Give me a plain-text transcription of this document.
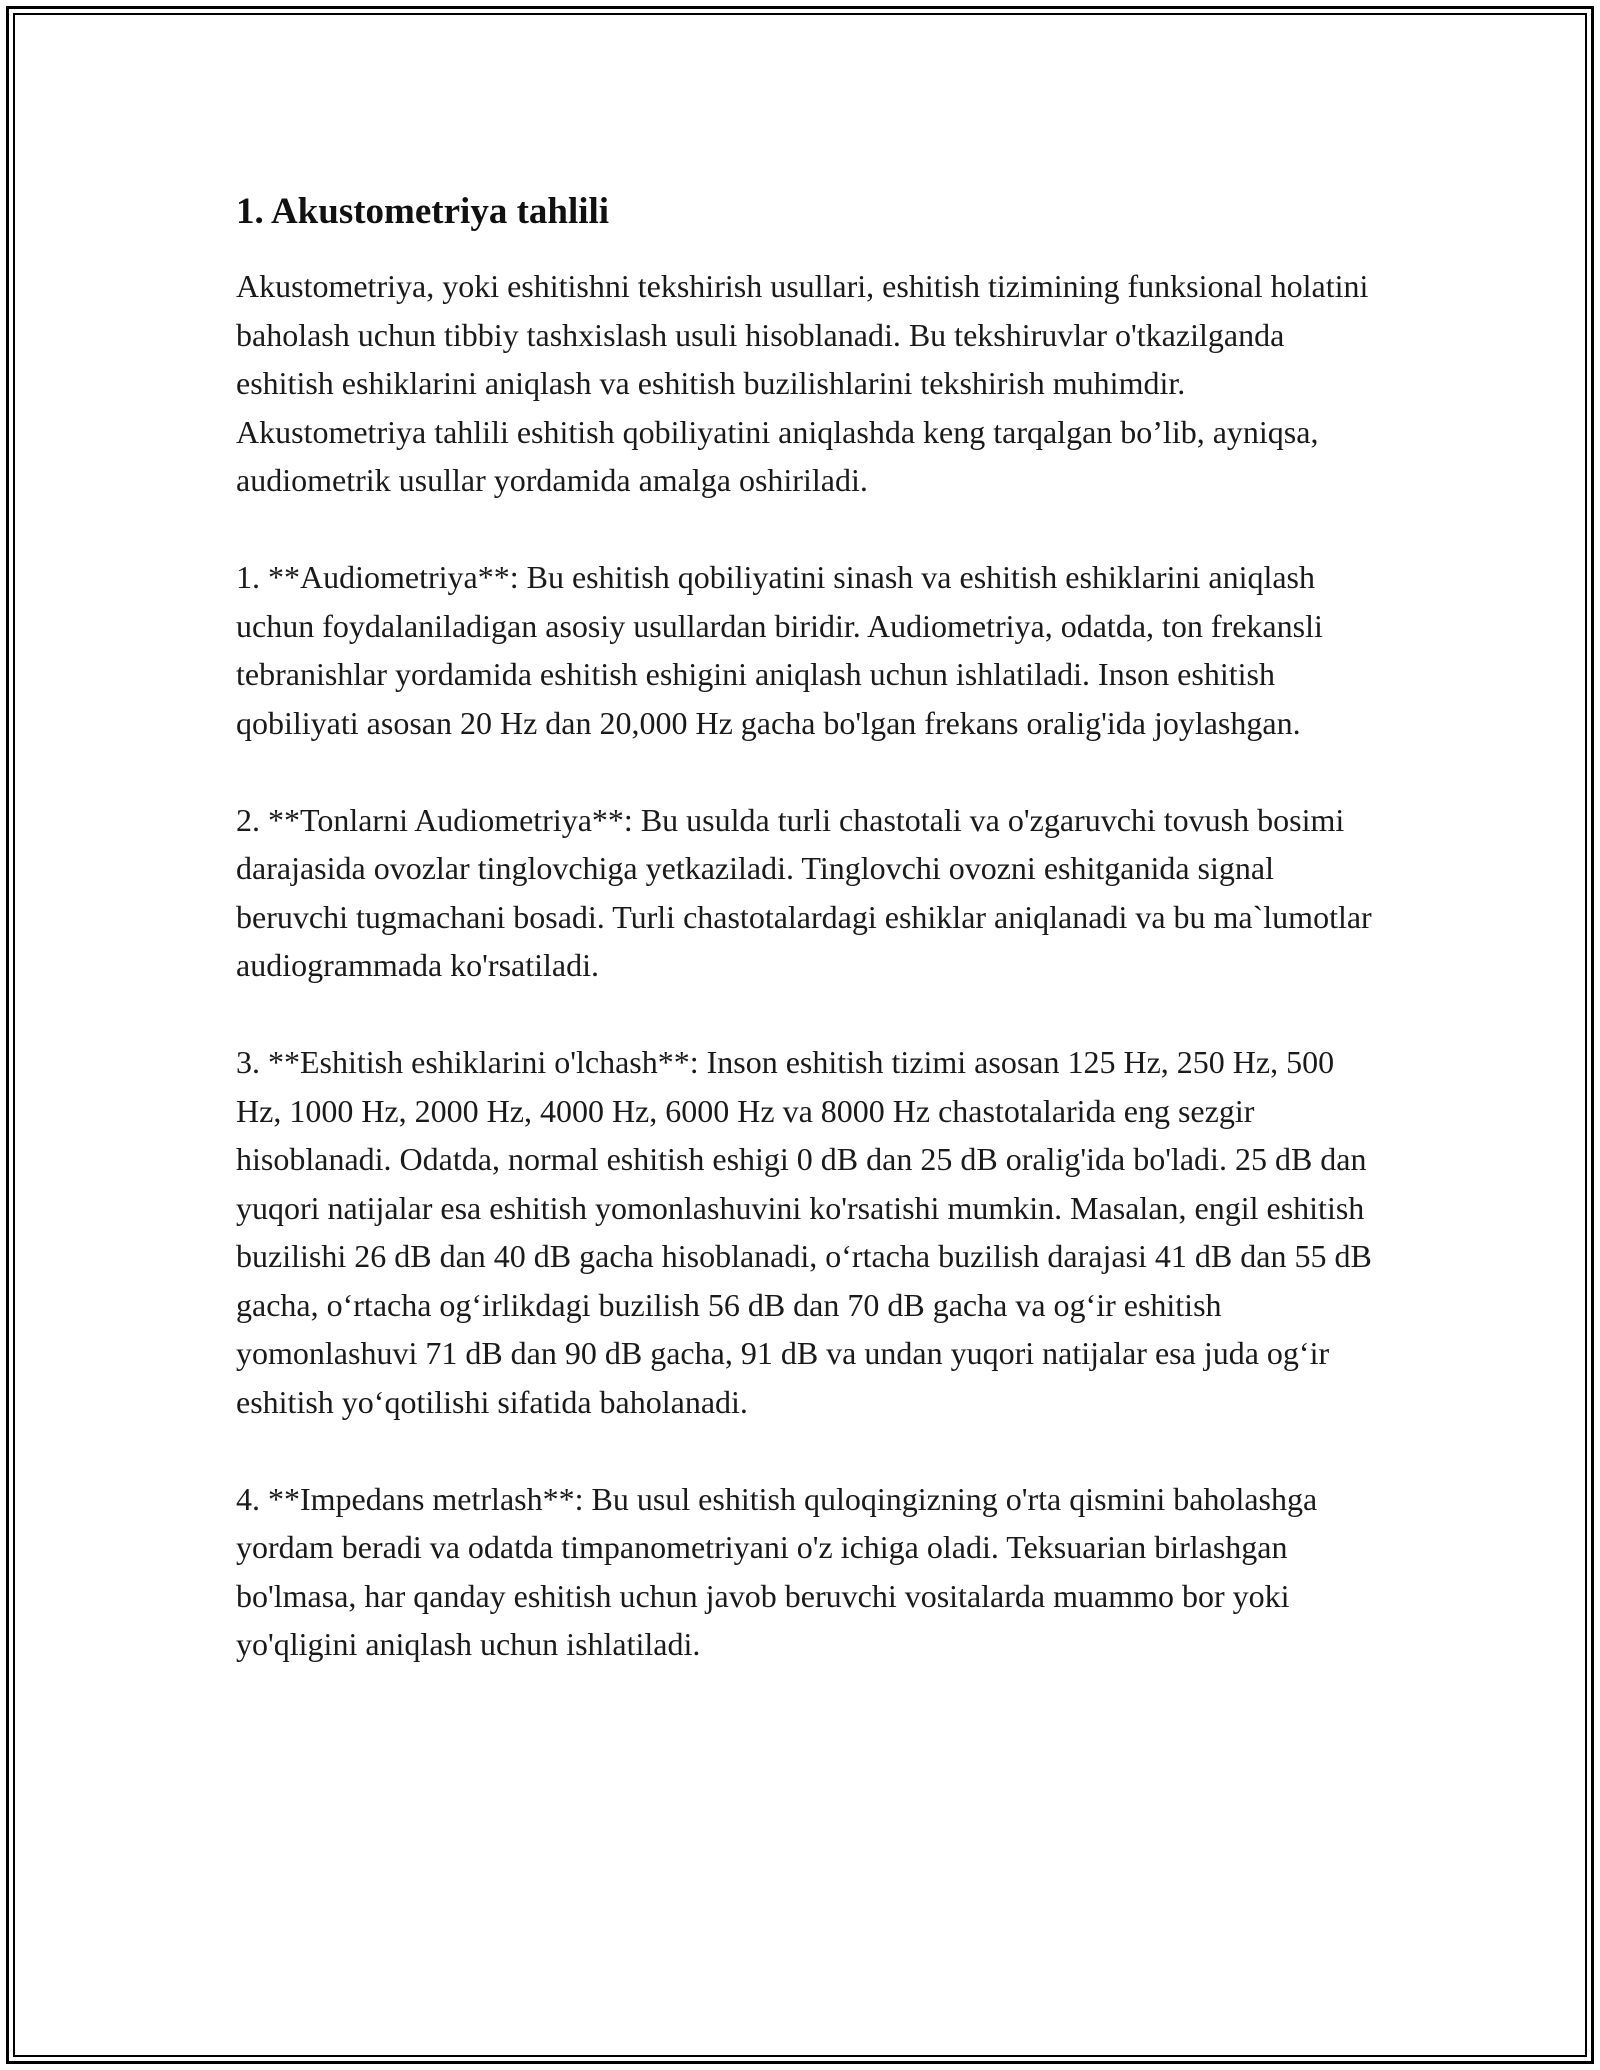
1. Akustometriya tahlili

Akustometriya, yoki eshitishni tekshirish usullari, eshitish tizimining funksional holatini baholash uchun tibbiy tashxislash usuli hisoblanadi. Bu tekshiruvlar o'tkazilganda eshitish eshiklarini aniqlash va eshitish buzilishlarini tekshirish muhimdir. Akustometriya tahlili eshitish qobiliyatini aniqlashda keng tarqalgan bo’lib, ayniqsa, audiometrik usullar yordamida amalga oshiriladi.

1. **Audiometriya**: Bu eshitish qobiliyatini sinash va eshitish eshiklarini aniqlash uchun foydalaniladigan asosiy usullardan biridir. Audiometriya, odatda, ton frekansli tebranishlar yordamida eshitish eshigini aniqlash uchun ishlatiladi. Inson eshitish qobiliyati asosan 20 Hz dan 20,000 Hz gacha bo'lgan frekans oralig'ida joylashgan.

2. **Tonlarni Audiometriya**: Bu usulda turli chastotali va o'zgaruvchi tovush bosimi darajasida ovozlar tinglovchiga yetkaziladi. Tinglovchi ovozni eshitganida signal beruvchi tugmachani bosadi. Turli chastotalardagi eshiklar aniqlanadi va bu ma`lumotlar audiogrammada ko'rsatiladi.

3. **Eshitish eshiklarini o'lchash**: Inson eshitish tizimi asosan 125 Hz, 250 Hz, 500 Hz, 1000 Hz, 2000 Hz, 4000 Hz, 6000 Hz va 8000 Hz chastotalarida eng sezgir hisoblanadi. Odatda, normal eshitish eshigi 0 dB dan 25 dB oralig'ida bo'ladi. 25 dB dan yuqori natijalar esa eshitish yomonlashuvini ko'rsatishi mumkin. Masalan, engil eshitish buzilishi 26 dB dan 40 dB gacha hisoblanadi, o‘rtacha buzilish darajasi 41 dB dan 55 dB gacha, o‘rtacha og‘irlikdagi buzilish 56 dB dan 70 dB gacha va og‘ir eshitish yomonlashuvi 71 dB dan 90 dB gacha, 91 dB va undan yuqori natijalar esa juda og‘ir eshitish yo‘qotilishi sifatida baholanadi.

4. **Impedans metrlash**: Bu usul eshitish quloqingizning o'rta qismini baholashga yordam beradi va odatda timpanometriyani o'z ichiga oladi. Teksuarian birlashgan bo'lmasa, har qanday eshitish uchun javob beruvchi vositalarda muammo bor yoki yo'qligini aniqlash uchun ishlatiladi.
